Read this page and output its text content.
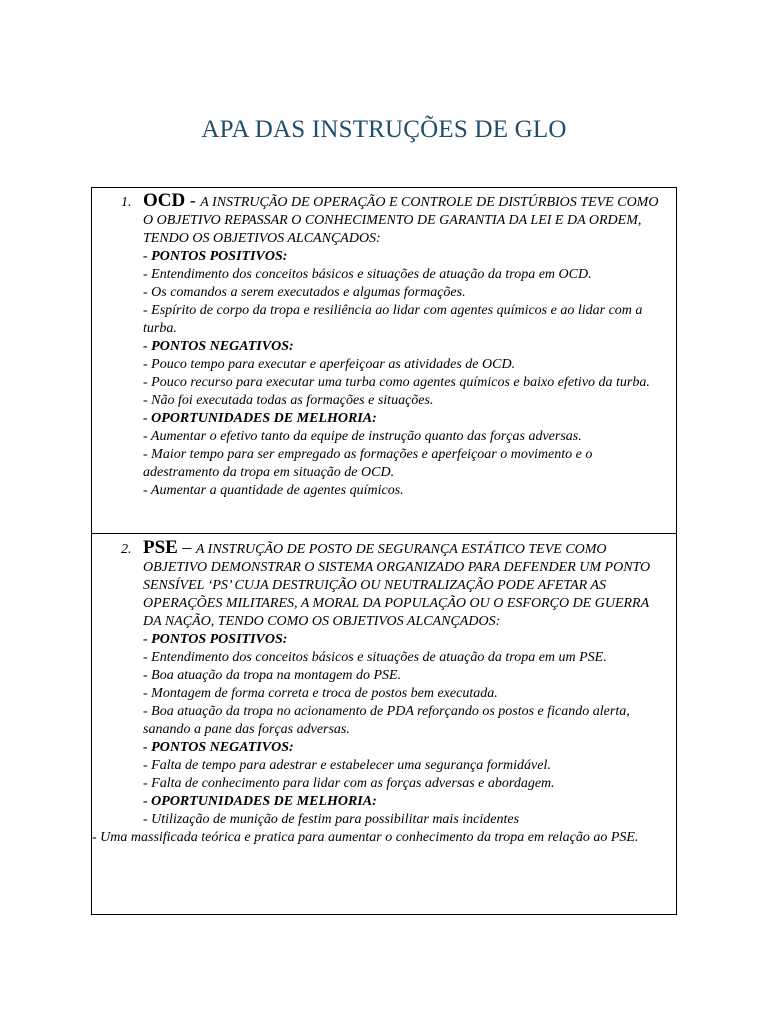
APA DAS INSTRUÇÕES DE GLO
1. OCD - A INSTRUÇÃO DE OPERAÇÃO E CONTROLE DE DISTÚRBIOS TEVE COMO O OBJETIVO REPASSAR O CONHECIMENTO DE GARANTIA DA LEI E DA ORDEM, TENDO OS OBJETIVOS ALCANÇADOS:
- PONTOS POSITIVOS:
- Entendimento dos conceitos básicos e situações de atuação da tropa em OCD.
- Os comandos a serem executados e algumas formações.
- Espírito de corpo da tropa e resiliência ao lidar com agentes químicos e ao lidar com a turba.
- PONTOS NEGATIVOS:
- Pouco tempo para executar e aperfeiçoar as atividades de OCD.
- Pouco recurso para executar uma turba como agentes químicos e baixo efetivo da turba.
- Não foi executada todas as formações e situações.
- OPORTUNIDADES DE MELHORIA:
- Aumentar o efetivo tanto da equipe de instrução quanto das forças adversas.
- Maior tempo para ser empregado as formações e aperfeiçoar o movimento e o adestramento da tropa em situação de OCD.
- Aumentar a quantidade de agentes químicos.
2. PSE – A INSTRUÇÃO DE POSTO DE SEGURANÇA ESTÁTICO TEVE COMO OBJETIVO DEMONSTRAR O SISTEMA ORGANIZADO PARA DEFENDER UM PONTO SENSÍVEL ‘PS’ CUJA DESTRUIÇÃO OU NEUTRALIZAÇÃO PODE AFETAR AS OPERAÇÕES MILITARES, A MORAL DA POPULAÇÃO OU O ESFORÇO DE GUERRA DA NAÇÃO, TENDO COMO OS OBJETIVOS ALCANÇADOS:
- PONTOS POSITIVOS:
- Entendimento dos conceitos básicos e situações de atuação da tropa em um PSE.
- Boa atuação da tropa na montagem do PSE.
- Montagem de forma correta e troca de postos bem executada.
- Boa atuação da tropa no acionamento de PDA reforçando os postos e ficando alerta, sanando a pane das forças adversas.
- PONTOS NEGATIVOS:
- Falta de tempo para adestrar e estabelecer uma segurança formidável.
- Falta de conhecimento para lidar com as forças adversas e abordagem.
- OPORTUNIDADES DE MELHORIA:
- Utilização de munição de festim para possibilitar mais incidentes
- Uma massificada teórica e pratica para aumentar o conhecimento da tropa em relação ao PSE.
